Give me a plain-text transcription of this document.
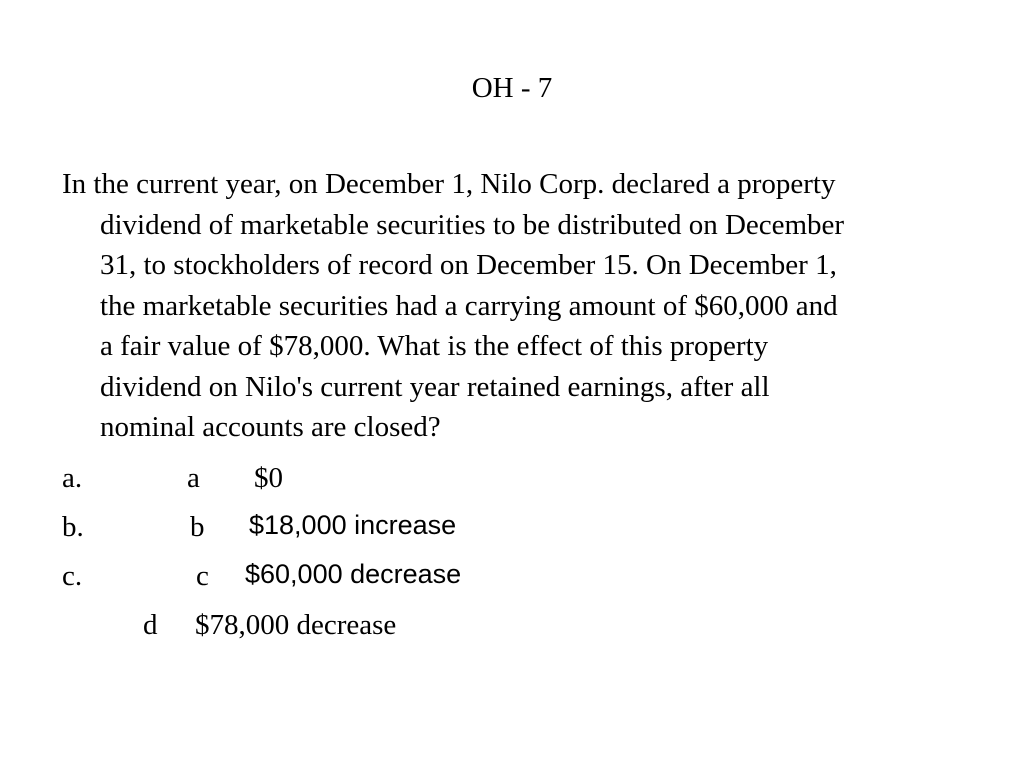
OH - 7
In the current year, on December 1, Nilo Corp. declared a property
dividend of marketable securities to be distributed on December
31, to stockholders of record on December 15. On December 1,
the marketable securities had a carrying amount of $60,000 and
a fair value of $78,000. What is the effect of this property
dividend on Nilo's current year retained earnings, after all
nominal accounts are closed?
a.	a $0
b.	b $18,000 increase
c.	c $60,000 decrease
d $78,000 decrease
